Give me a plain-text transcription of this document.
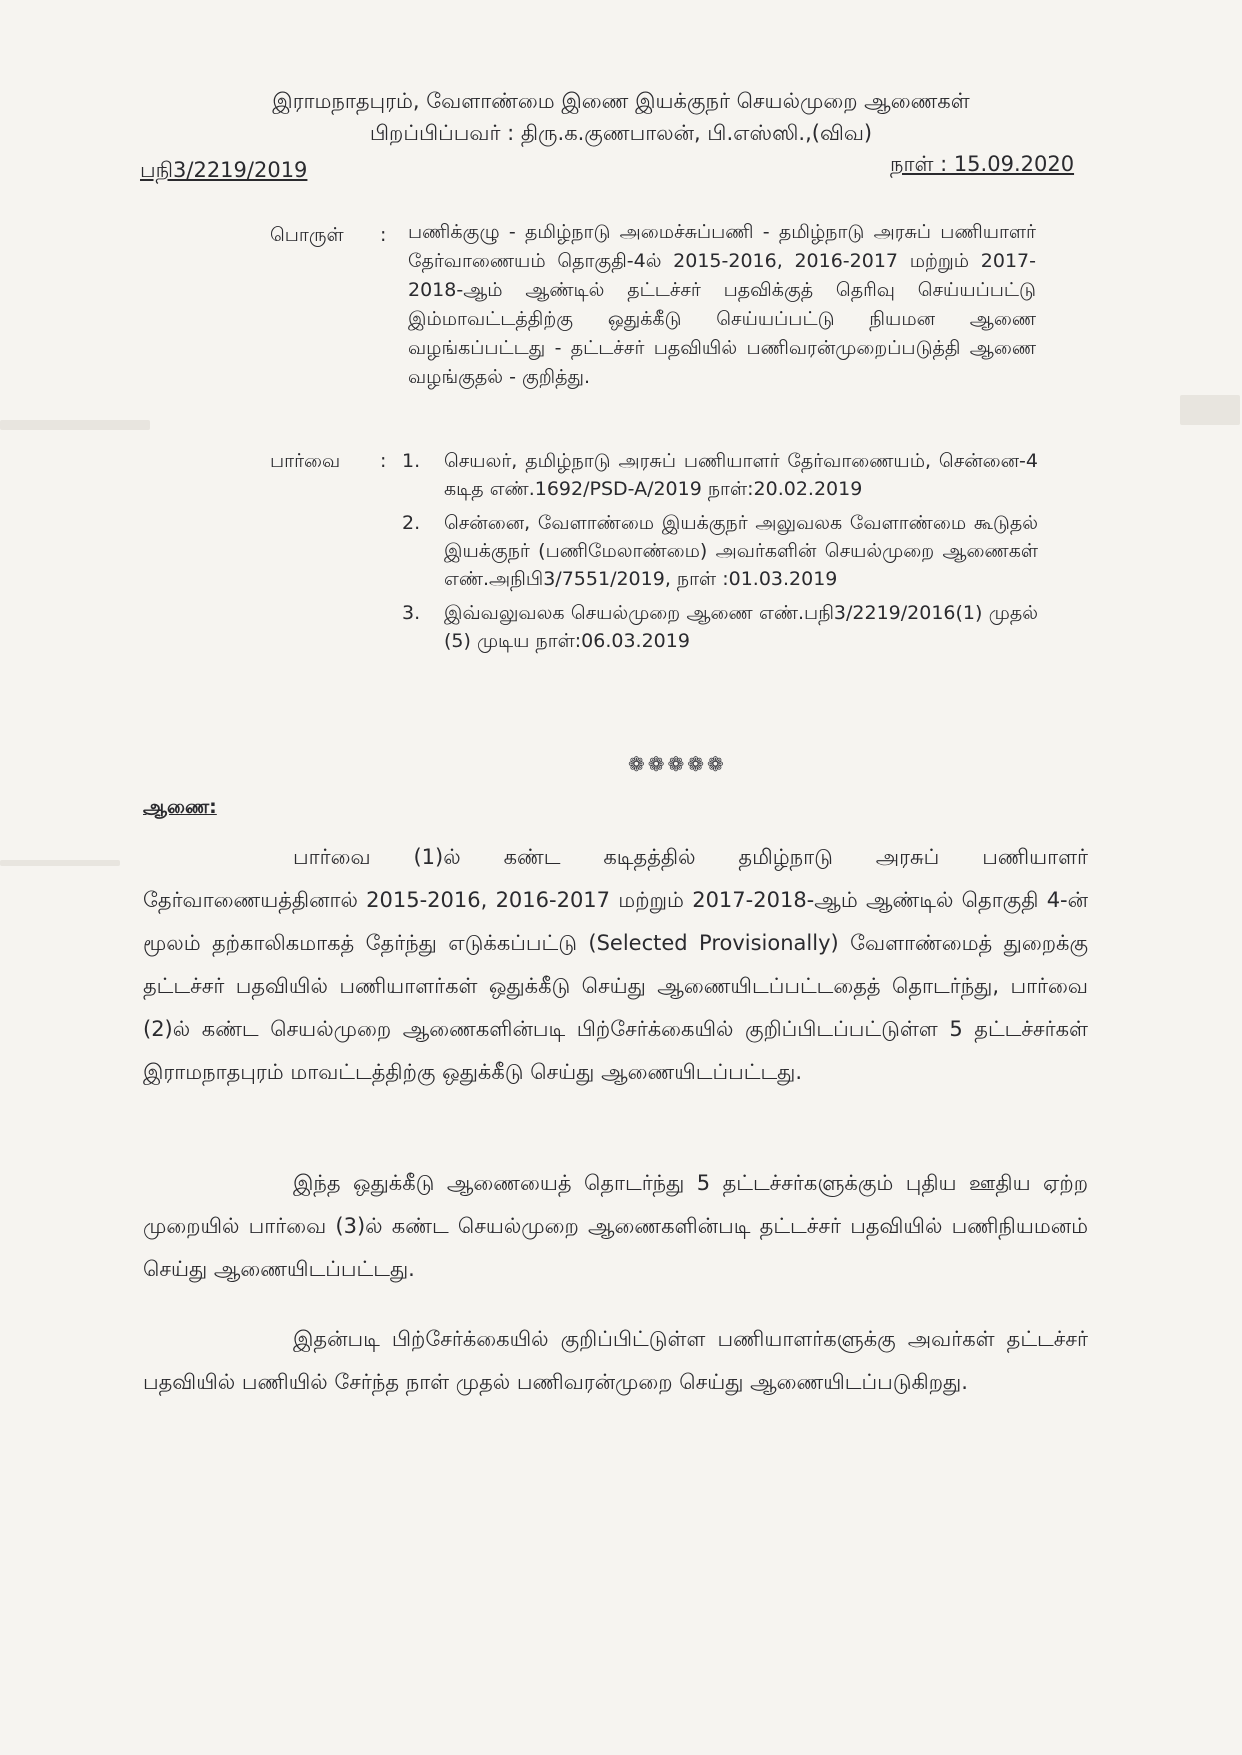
இராமநாதபுரம், வேளாண்மை இணை இயக்குநர் செயல்முறை ஆணைகள்
பிறப்பிப்பவர் : திரு.க.குணபாலன், பி.எஸ்ஸி.,(விவ)
பநி3/2219/2019	நாள் : 15.09.2020
பொருள் : பணிக்குழு - தமிழ்நாடு அமைச்சுப்பணி - தமிழ்நாடு அரசுப் பணியாளர் தேர்வாணையம் தொகுதி-4ல் 2015-2016, 2016-2017 மற்றும் 2017-2018-ஆம் ஆண்டில் தட்டச்சர் பதவிக்குத் தெரிவு செய்யப்பட்டு இம்மாவட்டத்திற்கு ஒதுக்கீடு செய்யப்பட்டு நியமன ஆணை வழங்கப்பட்டது - தட்டச்சர் பதவியில் பணிவரன்முறைப்படுத்தி ஆணை வழங்குதல் - குறித்து.
பார்வை : 1. செயலர், தமிழ்நாடு அரசுப் பணியாளர் தேர்வாணையம், சென்னை-4 கடித எண்.1692/PSD-A/2019 நாள்:20.02.2019
2. சென்னை, வேளாண்மை இயக்குநர் அலுவலக வேளாண்மை கூடுதல் இயக்குநர் (பணிமேலாண்மை) அவர்களின் செயல்முறை ஆணைகள் எண்.அநிபி3/7551/2019, நாள் :01.03.2019
3. இவ்வலுவலக செயல்முறை ஆணை எண்.பநி3/2219/2016(1) முதல் (5) முடிய நாள்:06.03.2019
❁❁❁❁❁
ஆணை:
பார்வை (1)ல் கண்ட கடிதத்தில் தமிழ்நாடு அரசுப் பணியாளர் தேர்வாணையத்தினால் 2015-2016, 2016-2017 மற்றும் 2017-2018-ஆம் ஆண்டில் தொகுதி 4-ன் மூலம் தற்காலிகமாகத் தேர்ந்து எடுக்கப்பட்டு (Selected Provisionally) வேளாண்மைத் துறைக்கு தட்டச்சர் பதவியில் பணியாளர்கள் ஒதுக்கீடு செய்து ஆணையிடப்பட்டதைத் தொடர்ந்து, பார்வை (2)ல் கண்ட செயல்முறை ஆணைகளின்படி பிற்சேர்க்கையில் குறிப்பிடப்பட்டுள்ள 5 தட்டச்சர்கள் இராமநாதபுரம் மாவட்டத்திற்கு ஒதுக்கீடு செய்து ஆணையிடப்பட்டது.
இந்த ஒதுக்கீடு ஆணையைத் தொடர்ந்து 5 தட்டச்சர்களுக்கும் புதிய ஊதிய ஏற்ற முறையில் பார்வை (3)ல் கண்ட செயல்முறை ஆணைகளின்படி தட்டச்சர் பதவியில் பணிநியமனம் செய்து ஆணையிடப்பட்டது.
இதன்படி பிற்சேர்க்கையில் குறிப்பிட்டுள்ள பணியாளர்களுக்கு அவர்கள் தட்டச்சர் பதவியில் பணியில் சேர்ந்த நாள் முதல் பணிவரன்முறை செய்து ஆணையிடப்படுகிறது.
